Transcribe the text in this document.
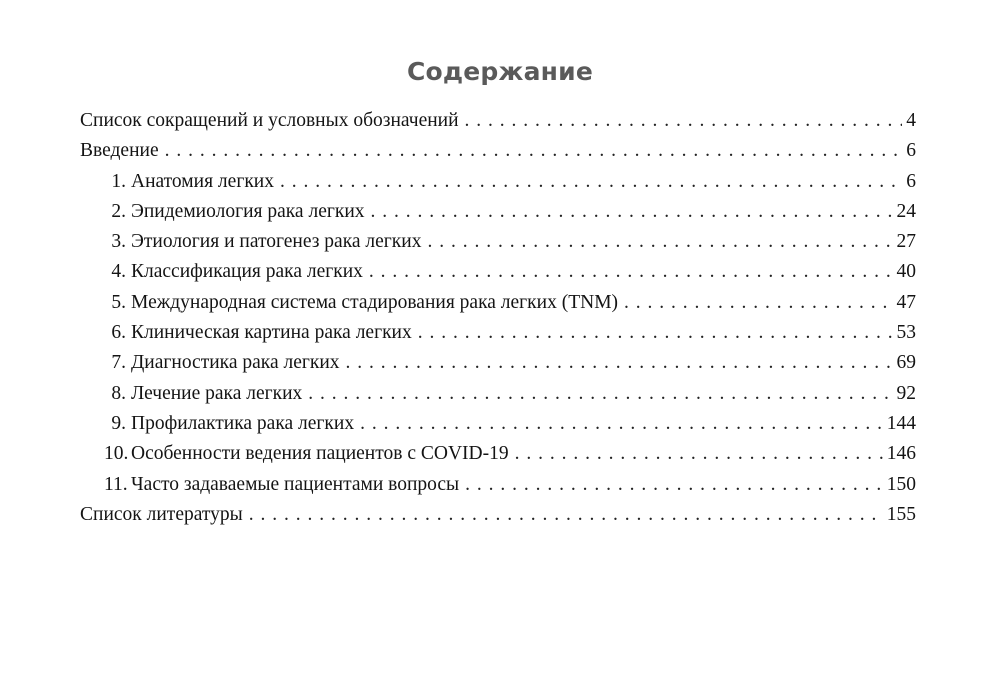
Содержание
Список сокращений и условных обозначений . . .	4
Введение . . .	6
1. Анатомия легких . . .	6
2. Эпидемиология рака легких . . .	24
3. Этиология и патогенез рака легких . . .	27
4. Классификация рака легких . . .	40
5. Международная система стадирования рака легких (TNM) . . .	47
6. Клиническая картина рака легких . . .	53
7. Диагностика рака легких . . .	69
8. Лечение рака легких . . .	92
9. Профилактика рака легких . . .	144
10. Особенности ведения пациентов с COVID-19 . . .	146
11. Часто задаваемые пациентами вопросы . . .	150
Список литературы . . .	155
